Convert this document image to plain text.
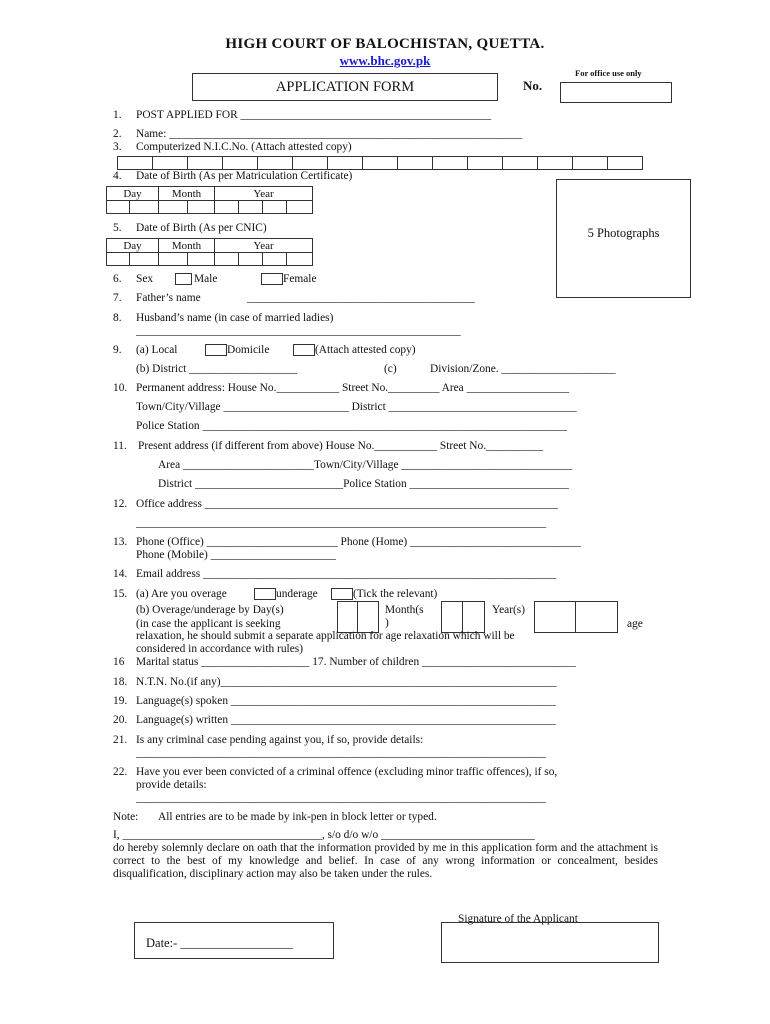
HIGH COURT OF BALOCHISTAN, QUETTA.
www.bhc.gov.pk
APPLICATION FORM	No.
For office use only
5 Photographs
1. POST APPLIED FOR ____________________________________________
2. Name: ______________________________________________________________
3. Computerized N.I.C.No. (Attach attested copy)

4. Date of Birth (As per Matriculation Certificate)
Day		Month		Year			

5. Date of Birth (As per CNIC)
Day		Month		Year			

6. Sex	Male	Female
7. Father’s name	________________________________________
8. Husband’s name (in case of married ladies)
_________________________________________________________
9. (a) Local	Domicile	(Attach attested copy)
(b) District ___________________	(c)	Division/Zone. ____________________
10. Permanent address: House No.___________ Street No._________ Area __________________
Town/City/Village ______________________ District _________________________________
Police Station ________________________________________________________________
11. Present address (if different from above) House No.___________ Street No.__________
Area _______________________Town/City/Village ______________________________
District __________________________Police Station ____________________________
12. Office address ______________________________________________________________
________________________________________________________________________
13. Phone (Office) _______________________ Phone (Home) ______________________________
Phone (Mobile) ______________________
14. Email address ______________________________________________________________
15. (a) Are you overage	underage	(Tick the relevant)
(b) Overage/underage by Day(s)	Month(s
)
Year(s)
(in case the applicant is seeking	age
relaxation, he should submit a separate application for age relaxation which will be
considered in accordance with rules)
16 Marital status ___________________ 17. Number of children ___________________________
18. N.T.N. No.(if any)___________________________________________________________
19. Language(s) spoken _________________________________________________________
20. Language(s) written _________________________________________________________
21. Is any criminal case pending against you, if so, provide details:
________________________________________________________________________
22. Have you ever been convicted of a criminal offence (excluding minor traffic offences), if so,
provide details:
________________________________________________________________________
Note: All entries are to be made by ink-pen in block letter or typed.
I, ___________________________________, s/o d/o w/o ___________________________
do hereby solemnly declare on oath that the information provided by me in this application form and the attachment is correct to the best of my knowledge and belief. In case of any wrong information or concealment, besides disqualification, disciplinary action may also be taken under the rules.
Signature of the Applicant
Date:- __________________
